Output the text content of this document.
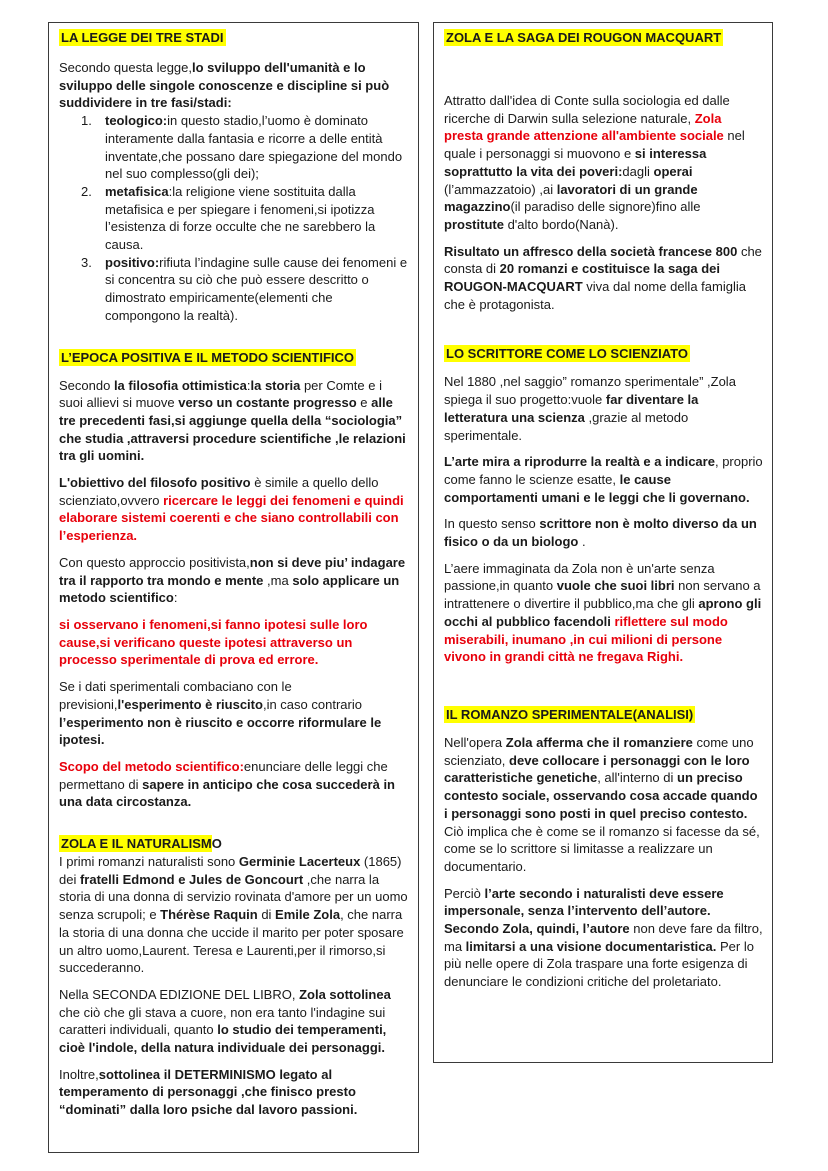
LA LEGGE DEI TRE STADI
Secondo questa legge,lo sviluppo dell'umanità e lo sviluppo delle singole conoscenze e discipline si può suddividere in tre fasi/stadi:
1. teologico:in questo stadio,l’uomo è dominato interamente dalla fantasia e ricorre a delle entità inventate,che possano dare spiegazione del mondo nel suo complesso(gli dei);
2. metafisica:la religione viene sostituita dalla metafisica e per spiegare i fenomeni,si ipotizza l’esistenza di forze occulte che ne sarebbero la causa.
3. positivo:rifiuta l’indagine sulle cause dei fenomeni e si concentra su ciò che può essere descritto o dimostrato empiricamente(elementi che compongono la realtà).
L’EPOCA POSITIVA E IL METODO SCIENTIFICO
Secondo la filosofia ottimistica:la storia per Comte e i suoi allievi si muove verso un costante progresso e alle tre precedenti fasi,si aggiunge quella della “sociologia” che studia ,attraversi procedure scientifiche ,le relazioni tra gli uomini.
L'obiettivo del filosofo positivo è simile a quello dello scienziato,ovvero ricercare le leggi dei fenomeni e quindi elaborare sistemi coerenti e che siano controllabili con l’esperienza.
Con questo approccio positivista,non si deve piu’ indagare tra il rapporto tra mondo e mente ,ma solo applicare un metodo scientifico:
si osservano i fenomeni,si fanno ipotesi sulle loro cause,si verificano queste ipotesi attraverso un processo sperimentale di prova ed errore.
Se i dati sperimentali combaciano con le previsioni,l'esperimento è riuscito,in caso contrario l’esperimento non è riuscito e occorre riformulare le ipotesi.
Scopo del metodo scientifico:enunciare delle leggi che permettano di sapere in anticipo che cosa succederà in una data circostanza.
ZOLA E IL NATURALISMO
I primi romanzi naturalisti sono Germinie Lacerteux (1865) dei fratelli Edmond e Jules de Goncourt ,che narra la storia di una donna di servizio rovinata d'amore per un uomo senza scrupoli; e Thérèse Raquin di Emile Zola, che narra la storia di una donna che uccide il marito per poter sposare un altro uomo,Laurent. Teresa e Laurenti,per il rimorso,si succederanno.
Nella SECONDA EDIZIONE DEL LIBRO, Zola sottolinea che ciò che gli stava a cuore, non era tanto l'indagine sui caratteri individuali, quanto lo studio dei temperamenti, cioè l'indole, della natura individuale dei personaggi.
Inoltre,sottolinea il DETERMINISMO legato al temperamento di personaggi ,che finisco presto “dominati” dalla loro psiche dal lavoro passioni.
ZOLA E LA SAGA DEI ROUGON MACQUART
Attratto dall'idea di Conte sulla sociologia ed dalle ricerche di Darwin sulla selezione naturale, Zola presta grande attenzione all'ambiente sociale nel quale i personaggi si muovono e si interessa soprattutto la vita dei poveri:dagli operai (l’ammazzatoio) ,ai lavoratori di un grande magazzino(il paradiso delle signore)fino alle prostitute d'alto bordo(Nanà).
Risultato un affresco della società francese 800 che consta di 20 romanzi e costituisce la saga dei ROUGON-MACQUART viva dal nome della famiglia che è protagonista.
LO SCRITTORE COME LO SCIENZIATO
Nel 1880 ,nel saggio” romanzo sperimentale” ,Zola spiega il suo progetto:vuole far diventare la letteratura una scienza ,grazie al metodo sperimentale.
L’arte mira a riprodurre la realtà e a indicare, proprio come fanno le scienze esatte, le cause comportamenti umani e le leggi che li governano.
In questo senso scrittore non è molto diverso da un fisico o da un biologo .
L’aere immaginata da Zola non è un'arte senza passione,in quanto vuole che suoi libri non servano a intrattenere o divertire il pubblico,ma che gli aprono gli occhi al pubblico facendoli riflettere sul modo miserabili, inumano ,in cui milioni di persone vivono in grandi città ne fregava Righi.
IL ROMANZO SPERIMENTALE(ANALISI)
Nell'opera Zola afferma che il romanziere come uno scienziato, deve collocare i personaggi con le loro caratteristiche genetiche, all'interno di un preciso contesto sociale, osservando cosa accade quando i personaggi sono posti in quel preciso contesto. Ciò implica che è come se il romanzo si facesse da sé, come se lo scrittore si limitasse a realizzare un documentario.
Perciò l’arte secondo i naturalisti deve essere impersonale, senza l’intervento dell’autore. Secondo Zola, quindi, l’autore non deve fare da filtro, ma limitarsi a una visione documentaristica. Per lo più nelle opere di Zola traspare una forte esigenza di denunciare le condizioni critiche del proletariato.
